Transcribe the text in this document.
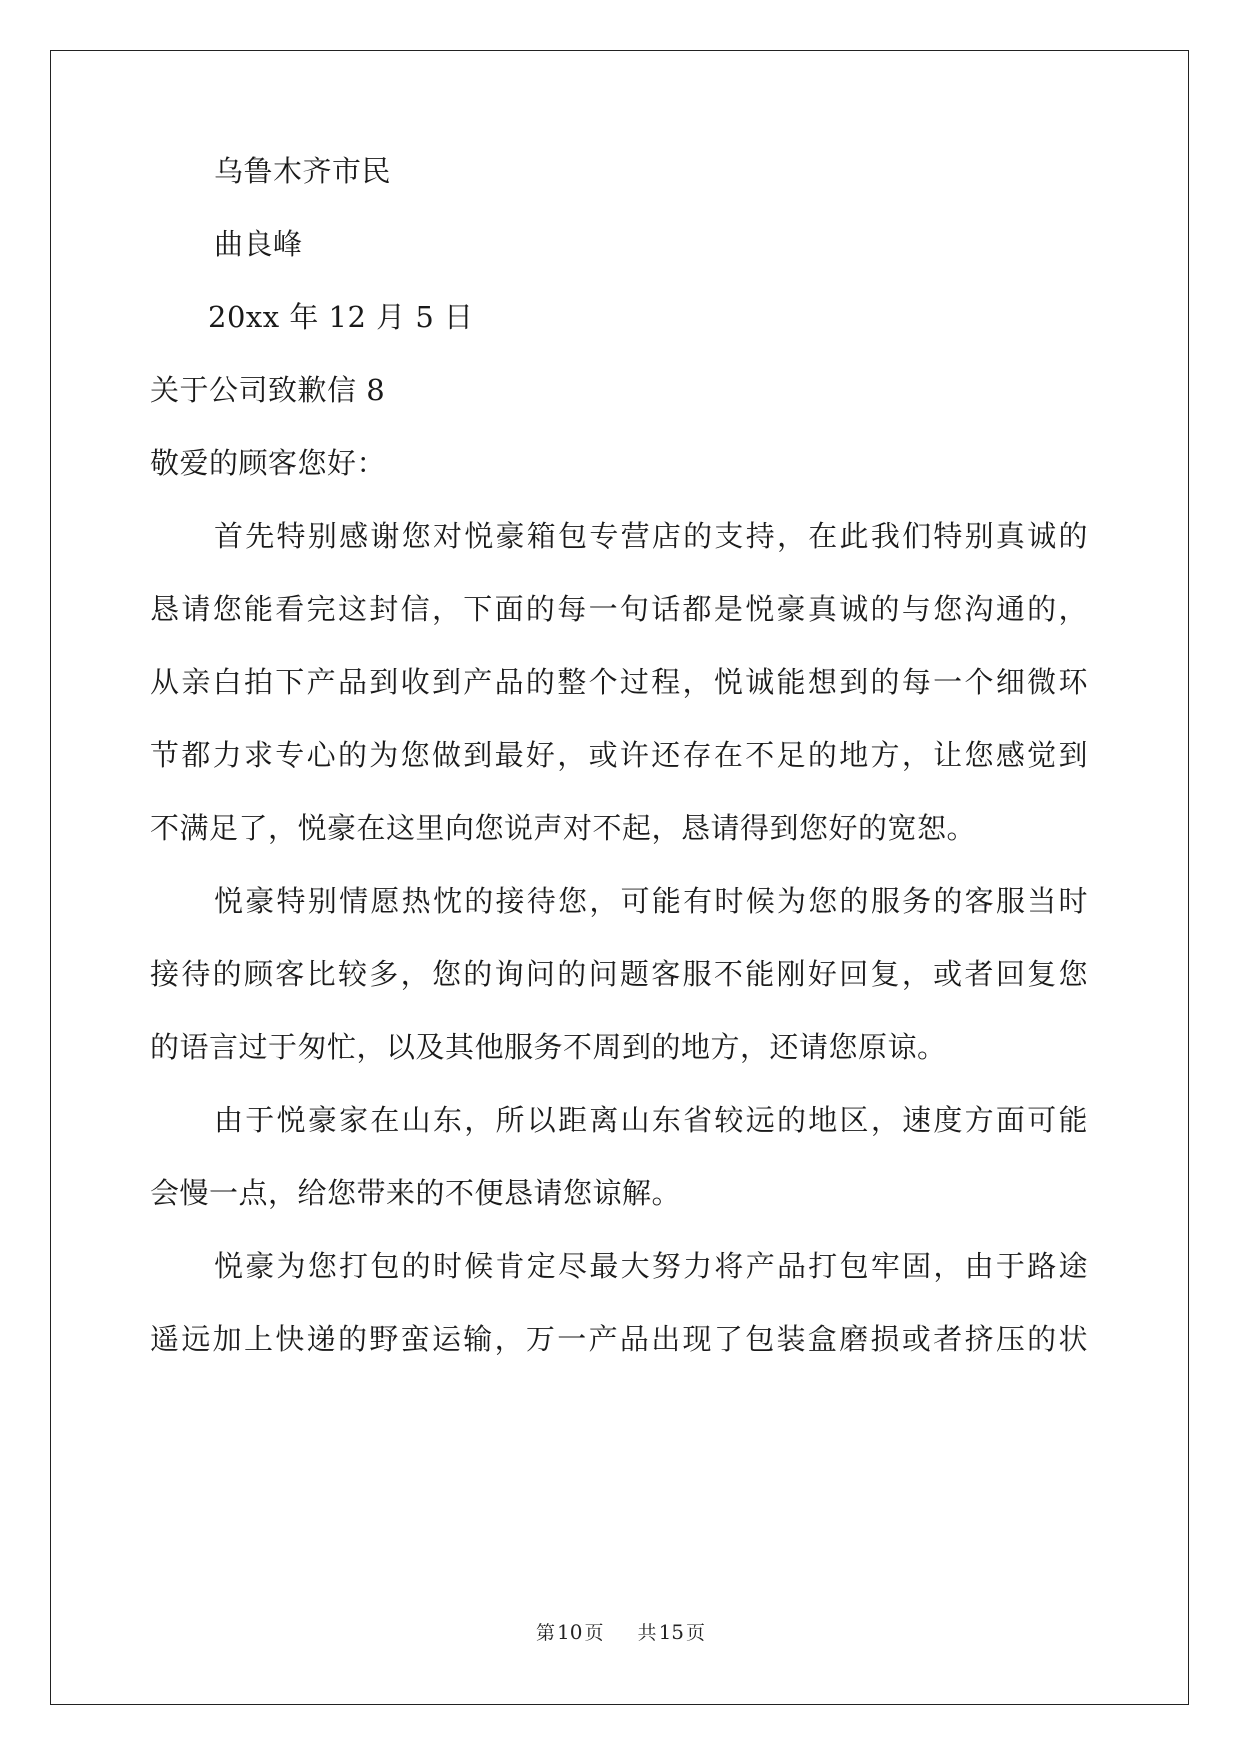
乌鲁木齐市民
曲良峰
20xx 年 12 月 5 日
关于公司致歉信 8
敬爱的顾客您好：
首先特别感谢您对悦豪箱包专营店的支持，在此我们特别真诚的
恳请您能看完这封信，下面的每一句话都是悦豪真诚的与您沟通的，
从亲白拍下产品到收到产品的整个过程，悦诚能想到的每一个细微环
节都力求专心的为您做到最好，或许还存在不足的地方，让您感觉到
不满足了，悦豪在这里向您说声对不起，恳请得到您好的宽恕。
悦豪特别情愿热忱的接待您，可能有时候为您的服务的客服当时
接待的顾客比较多，您的询问的问题客服不能刚好回复，或者回复您
的语言过于匆忙，以及其他服务不周到的地方，还请您原谅。
由于悦豪家在山东，所以距离山东省较远的地区，速度方面可能
会慢一点，给您带来的不便恳请您谅解。
悦豪为您打包的时候肯定尽最大努力将产品打包牢固，由于路途
遥远加上快递的野蛮运输，万一产品出现了包装盒磨损或者挤压的状
第 10 页 共 15 页
